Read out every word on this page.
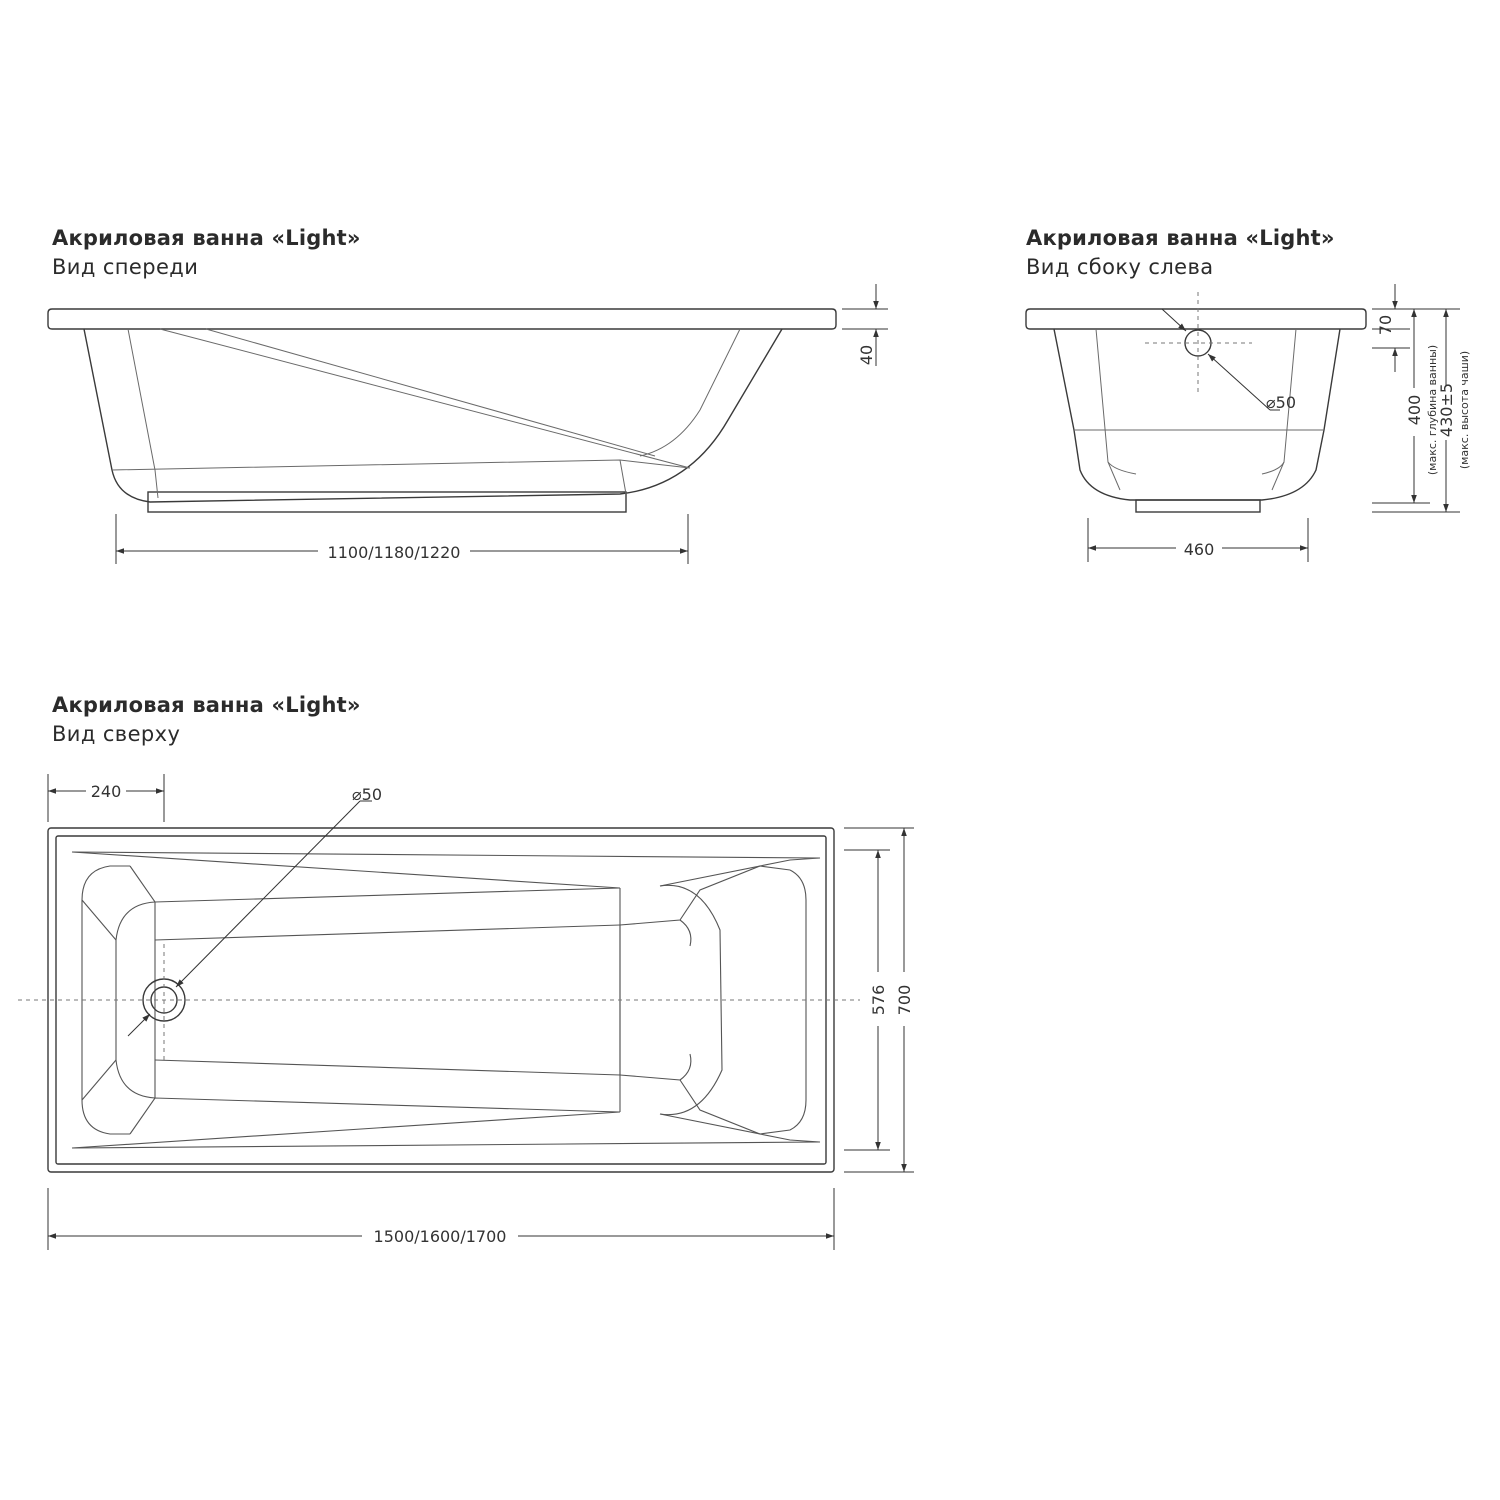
Акриловая ванна «Light»
Вид спереди
Акриловая ванна «Light»
Вид сбоку слева
Акриловая ванна «Light»
Вид сверху
1100/1180/1220
40
⌀50
460
70
400 (макс. глубина ванны)
430±5 (макс. высота чаши)
240	⌀50
1500/1600/1700
576 700
